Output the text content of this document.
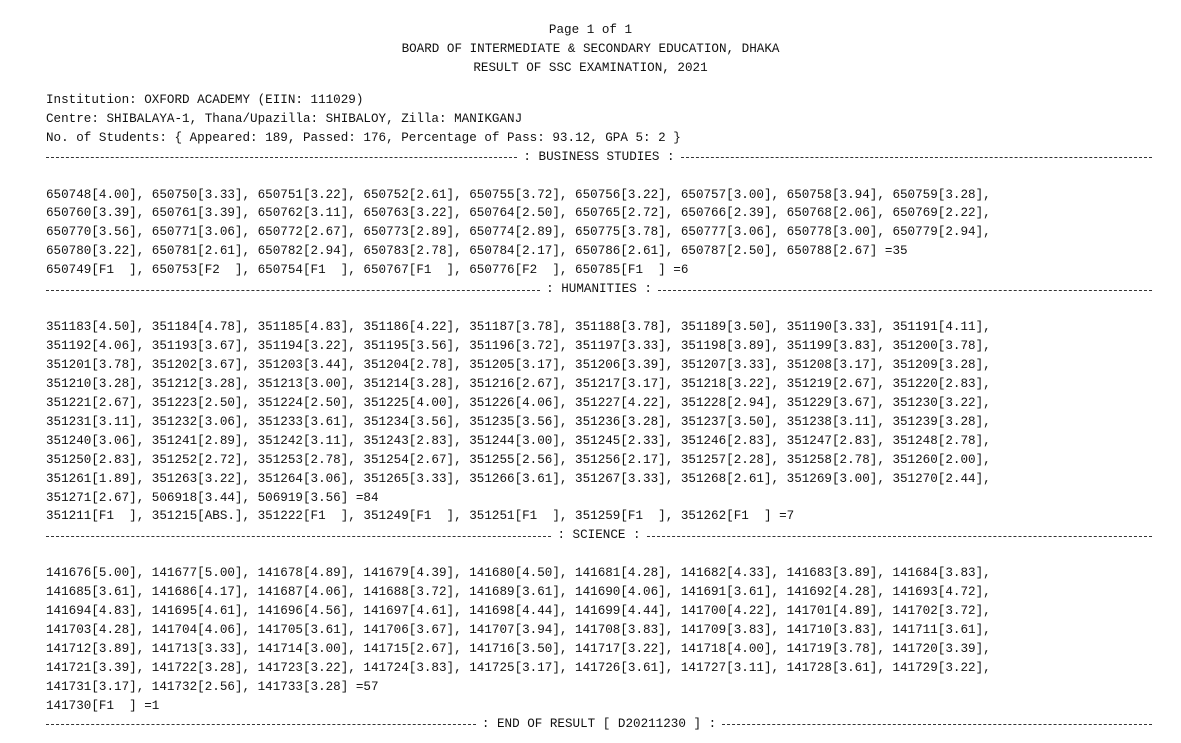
Page 1 of 1
BOARD OF INTERMEDIATE & SECONDARY EDUCATION, DHAKA
RESULT OF SSC EXAMINATION, 2021
Institution: OXFORD ACADEMY (EIIN: 111029)
Centre: SHIBALAYA-1, Thana/Upazilla: SHIBALOY, Zilla: MANIKGANJ
No. of Students: { Appeared: 189, Passed: 176, Percentage of Pass: 93.12, GPA 5: 2 }
: BUSINESS STUDIES :
650748[4.00], 650750[3.33], 650751[3.22], 650752[2.61], 650755[3.72], 650756[3.22], 650757[3.00], 650758[3.94], 650759[3.28],
650760[3.39], 650761[3.39], 650762[3.11], 650763[3.22], 650764[2.50], 650765[2.72], 650766[2.39], 650768[2.06], 650769[2.22],
650770[3.56], 650771[3.06], 650772[2.67], 650773[2.89], 650774[2.89], 650775[3.78], 650777[3.06], 650778[3.00], 650779[2.94],
650780[3.22], 650781[2.61], 650782[2.94], 650783[2.78], 650784[2.17], 650786[2.61], 650787[2.50], 650788[2.67] =35
650749[F1  ], 650753[F2  ], 650754[F1  ], 650767[F1  ], 650776[F2  ], 650785[F1  ] =6
: HUMANITIES :
351183[4.50], 351184[4.78], 351185[4.83], 351186[4.22], 351187[3.78], 351188[3.78], 351189[3.50], 351190[3.33], 351191[4.11],
351192[4.06], 351193[3.67], 351194[3.22], 351195[3.56], 351196[3.72], 351197[3.33], 351198[3.89], 351199[3.83], 351200[3.78],
351201[3.78], 351202[3.67], 351203[3.44], 351204[2.78], 351205[3.17], 351206[3.39], 351207[3.33], 351208[3.17], 351209[3.28],
351210[3.28], 351212[3.28], 351213[3.00], 351214[3.28], 351216[2.67], 351217[3.17], 351218[3.22], 351219[2.67], 351220[2.83],
351221[2.67], 351223[2.50], 351224[2.50], 351225[4.00], 351226[4.06], 351227[4.22], 351228[2.94], 351229[3.67], 351230[3.22],
351231[3.11], 351232[3.06], 351233[3.61], 351234[3.56], 351235[3.56], 351236[3.28], 351237[3.50], 351238[3.11], 351239[3.28],
351240[3.06], 351241[2.89], 351242[3.11], 351243[2.83], 351244[3.00], 351245[2.33], 351246[2.83], 351247[2.83], 351248[2.78],
351250[2.83], 351252[2.72], 351253[2.78], 351254[2.67], 351255[2.56], 351256[2.17], 351257[2.28], 351258[2.78], 351260[2.00],
351261[1.89], 351263[3.22], 351264[3.06], 351265[3.33], 351266[3.61], 351267[3.33], 351268[2.61], 351269[3.00], 351270[2.44],
351271[2.67], 506918[3.44], 506919[3.56] =84
351211[F1  ], 351215[ABS.], 351222[F1  ], 351249[F1  ], 351251[F1  ], 351259[F1  ], 351262[F1  ] =7
: SCIENCE :
141676[5.00], 141677[5.00], 141678[4.89], 141679[4.39], 141680[4.50], 141681[4.28], 141682[4.33], 141683[3.89], 141684[3.83],
141685[3.61], 141686[4.17], 141687[4.06], 141688[3.72], 141689[3.61], 141690[4.06], 141691[3.61], 141692[4.28], 141693[4.72],
141694[4.83], 141695[4.61], 141696[4.56], 141697[4.61], 141698[4.44], 141699[4.44], 141700[4.22], 141701[4.89], 141702[3.72],
141703[4.28], 141704[4.06], 141705[3.61], 141706[3.67], 141707[3.94], 141708[3.83], 141709[3.83], 141710[3.83], 141711[3.61],
141712[3.89], 141713[3.33], 141714[3.00], 141715[2.67], 141716[3.50], 141717[3.22], 141718[4.00], 141719[3.78], 141720[3.39],
141721[3.39], 141722[3.28], 141723[3.22], 141724[3.83], 141725[3.17], 141726[3.61], 141727[3.11], 141728[3.61], 141729[3.22],
141731[3.17], 141732[2.56], 141733[3.28] =57
141730[F1  ] =1
: END OF RESULT [ D20211230 ] :
